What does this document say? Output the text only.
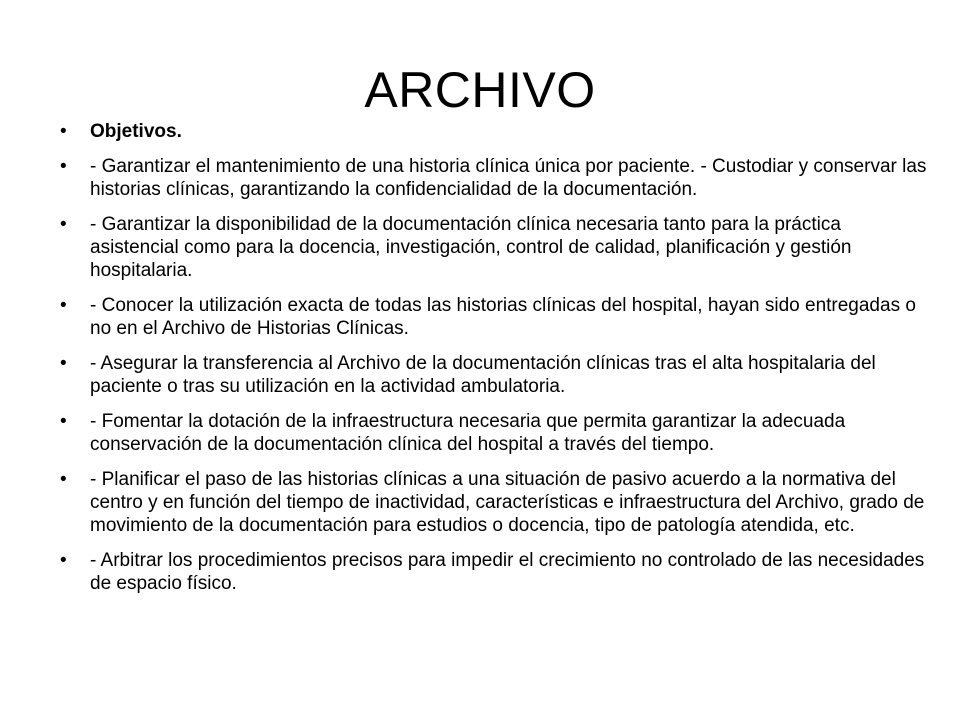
ARCHIVO
•	Objetivos.
•	- Garantizar el mantenimiento de una historia clínica única por paciente. - Custodiar y conservar las historias clínicas, garantizando la confidencialidad de la documentación.
•	- Garantizar la disponibilidad de la documentación clínica necesaria tanto para la práctica asistencial como para la docencia, investigación, control de calidad, planificación y gestión hospitalaria.
•	- Conocer la utilización exacta de todas las historias clínicas del hospital, hayan sido entregadas o no en el Archivo de Historias Clínicas.
•	- Asegurar la transferencia al Archivo de la documentación clínicas tras el alta hospitalaria del paciente o tras su utilización en la actividad ambulatoria.
•	- Fomentar la dotación de la infraestructura necesaria que permita garantizar la adecuada conservación de la documentación clínica del hospital a través del tiempo.
•	- Planificar el paso de las historias clínicas a una situación de pasivo acuerdo a la normativa del centro y en función del tiempo de inactividad, características e infraestructura del Archivo, grado de movimiento de la documentación para estudios o docencia, tipo de patología atendida, etc.
•	- Arbitrar los procedimientos precisos para impedir el crecimiento no controlado de las necesidades de espacio físico.
